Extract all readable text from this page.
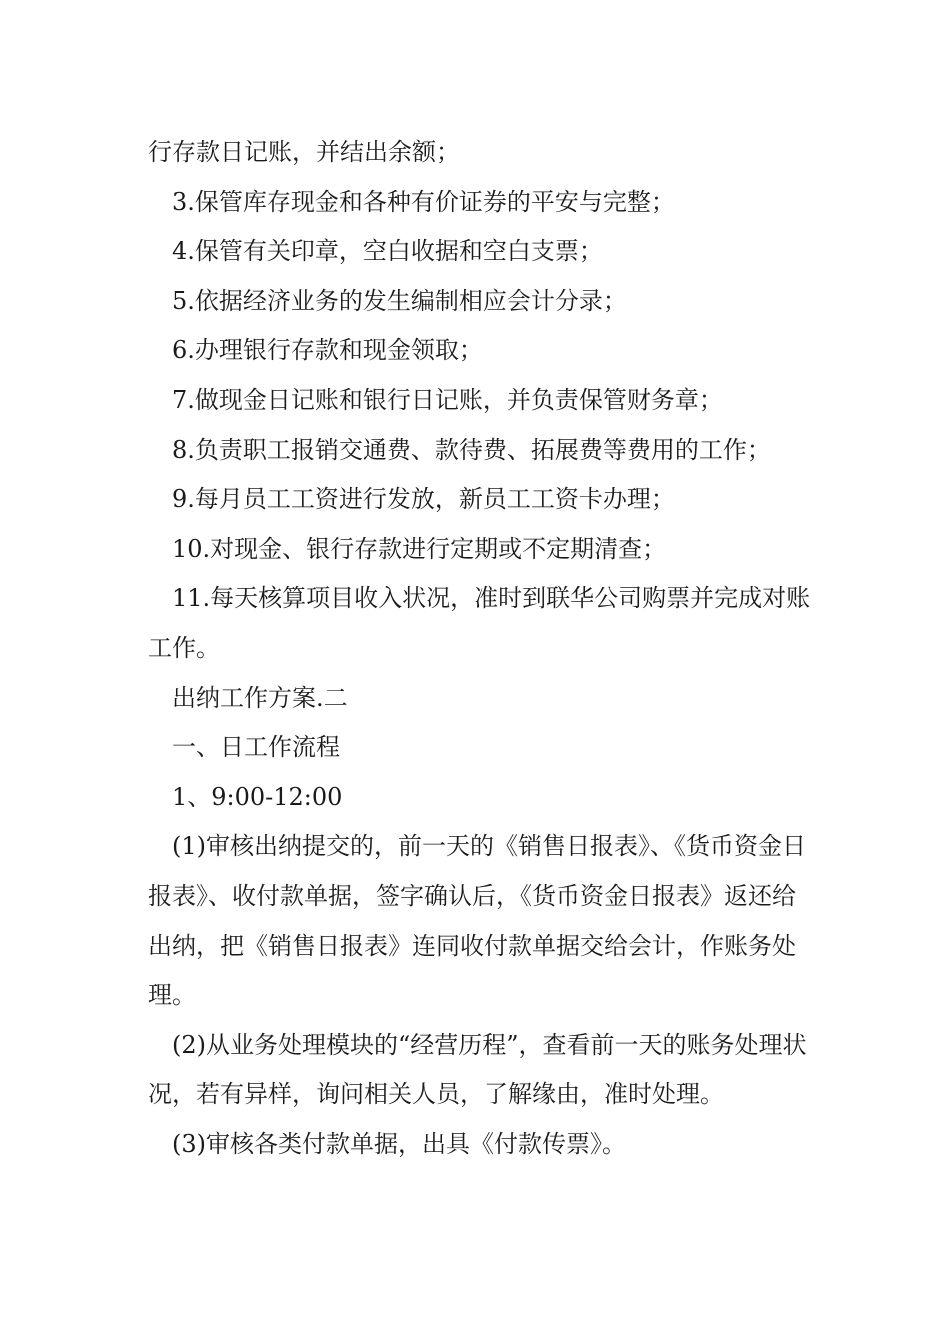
行存款日记账，并结出余额；

3.保管库存现金和各种有价证券的平安与完整；

4.保管有关印章，空白收据和空白支票；

5.依据经济业务的发生编制相应会计分录；

6.办理银行存款和现金领取；

7.做现金日记账和银行日记账，并负责保管财务章；

8.负责职工报销交通费、款待费、拓展费等费用的工作；

9.每月员工工资进行发放，新员工工资卡办理；

10.对现金、银行存款进行定期或不定期清查；

11.每天核算项目收入状况，准时到联华公司购票并完成对账工作。

出纳工作方案.二

一、日工作流程

1、9:00-12:00

(1)审核出纳提交的，前一天的《销售日报表》、《货币资金日报表》、收付款单据，签字确认后，《货币资金日报表》返还给出纳，把《销售日报表》连同收付款单据交给会计，作账务处理。

(2)从业务处理模块的“经营历程”，查看前一天的账务处理状况，若有异样，询问相关人员，了解缘由，准时处理。

(3)审核各类付款单据，出具《付款传票》。
